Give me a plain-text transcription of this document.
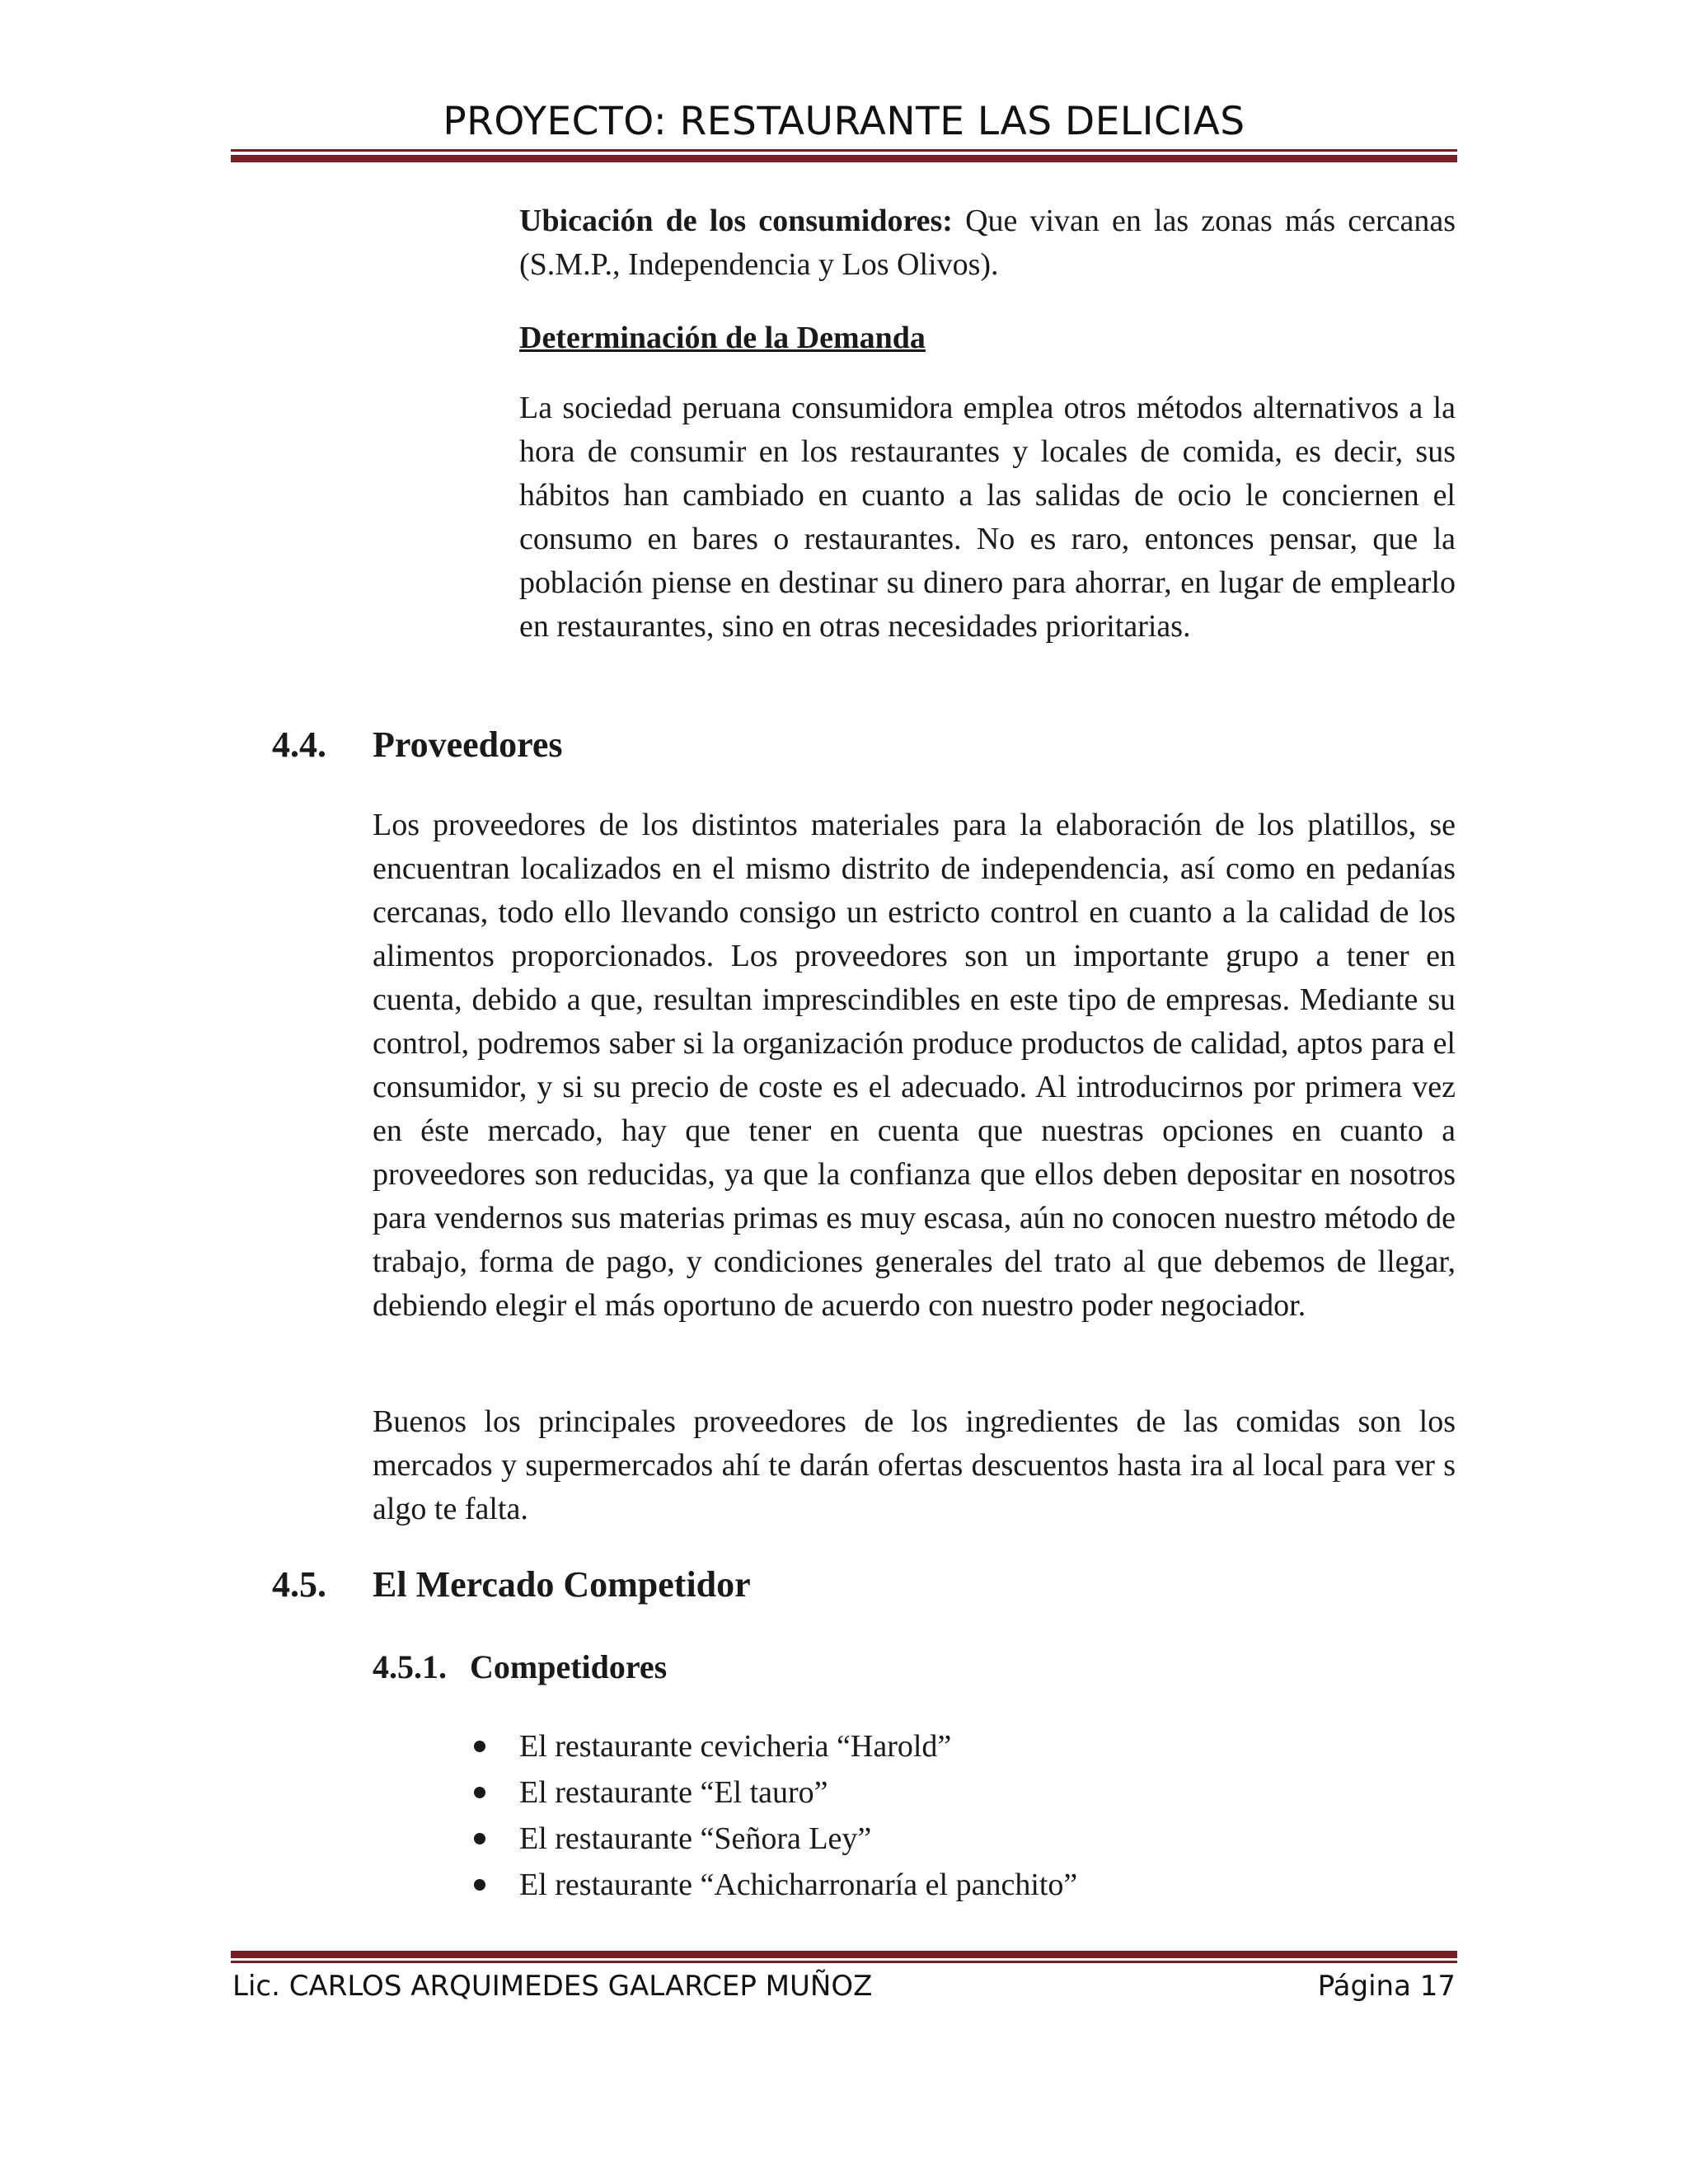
PROYECTO: RESTAURANTE LAS DELICIAS

Ubicación de los consumidores: Que vivan en las zonas más cercanas (S.M.P., Independencia y Los Olivos).

Determinación de la Demanda

La sociedad peruana consumidora emplea otros métodos alternativos a la hora de consumir en los restaurantes y locales de comida, es decir, sus hábitos han cambiado en cuanto a las salidas de ocio le conciernen el consumo en bares o restaurantes. No es raro, entonces pensar, que la población piense en destinar su dinero para ahorrar, en lugar de emplearlo en restaurantes, sino en otras necesidades prioritarias.

4.4. Proveedores

Los proveedores de los distintos materiales para la elaboración de los platillos, se encuentran localizados en el mismo distrito de independencia, así como en pedanías cercanas, todo ello llevando consigo un estricto control en cuanto a la calidad de los alimentos proporcionados. Los proveedores son un importante grupo a tener en cuenta, debido a que, resultan imprescindibles en este tipo de empresas. Mediante su control, podremos saber si la organización produce productos de calidad, aptos para el consumidor, y si su precio de coste es el adecuado. Al introducirnos por primera vez en éste mercado, hay que tener en cuenta que nuestras opciones en cuanto a proveedores son reducidas, ya que la confianza que ellos deben depositar en nosotros para vendernos sus materias primas es muy escasa, aún no conocen nuestro método de trabajo, forma de pago, y condiciones generales del trato al que debemos de llegar, debiendo elegir el más oportuno de acuerdo con nuestro poder negociador.

Buenos los principales proveedores de los ingredientes de las comidas son los mercados y supermercados ahí te darán ofertas descuentos hasta ira al local para ver s algo te falta.

4.5. El Mercado Competidor
4.5.1. Competidores
El restaurante cevicheria “Harold”
El restaurante “El tauro”
El restaurante “Señora Ley”
El restaurante “Achicharronaría el panchito”
Lic. CARLOS ARQUIMEDES GALARCEP MUÑOZ	Página 17
